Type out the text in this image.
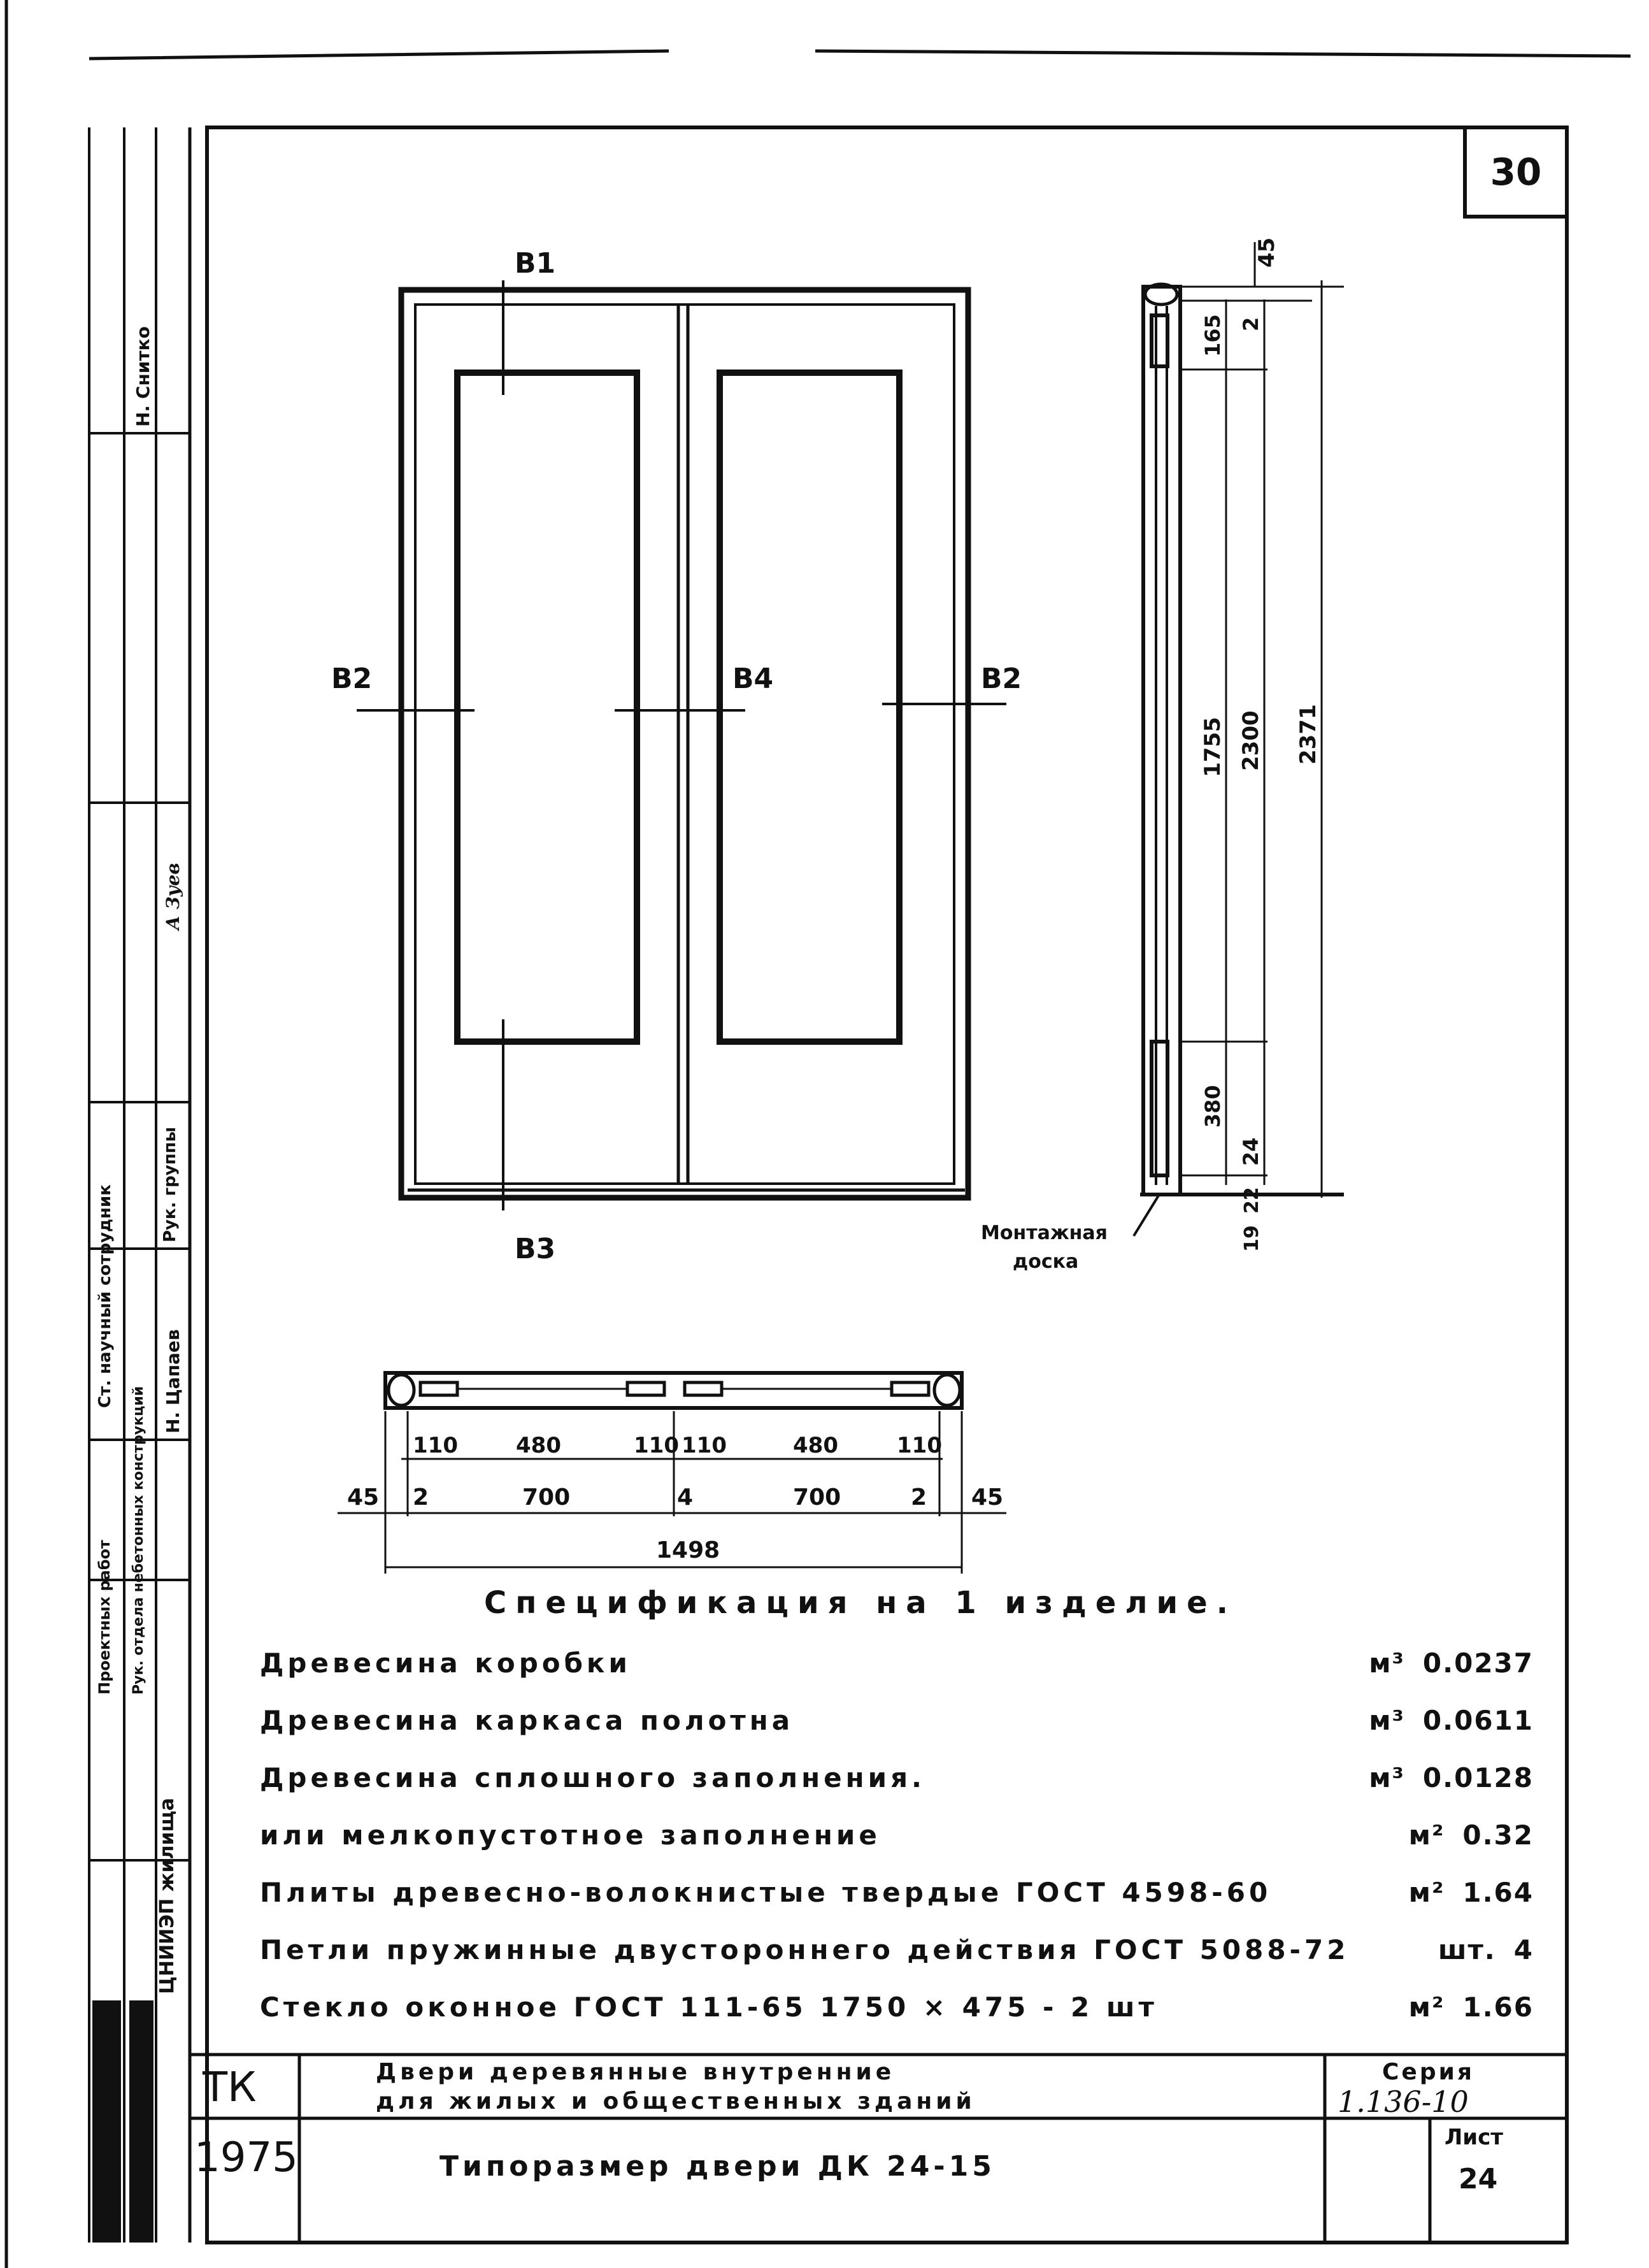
30
В1
В2	В4	В2
В3
45
165 2
1755 2300 2371
380
24
19
22
Монтажная
доска
110	480	110 110	480	110
45 2	700	4	700	2 45
1498
Н. Снитко
А Зуев
Н. Цапаев
Ст. научный сотрудник	Рук. группы
Проектных работ Рук. отдела небетонных конструкций
ЦНИИЭП жилища
Спецификация на 1 изделие.
Древесина коробки	м³ 0.0237
Древесина каркаса полотна	м³ 0.0611
Древесина сплошного заполнения.	м³ 0.0128
или мелкопустотное заполнение	м² 0.32
Плиты древесно-волокнистые твердые ГОСТ 4598-60	м² 1.64
Петли пружинные двустороннего действия ГОСТ 5088-72	шт. 4
Стекло оконное ГОСТ 111-65 1750 × 475 - 2 шт	м² 1.66
ТК
1975
Двери деревянные внутренние
для жилых и общественных зданий
Типоразмер двери ДК 24-15
Серия
1.136-10
Лист
24
